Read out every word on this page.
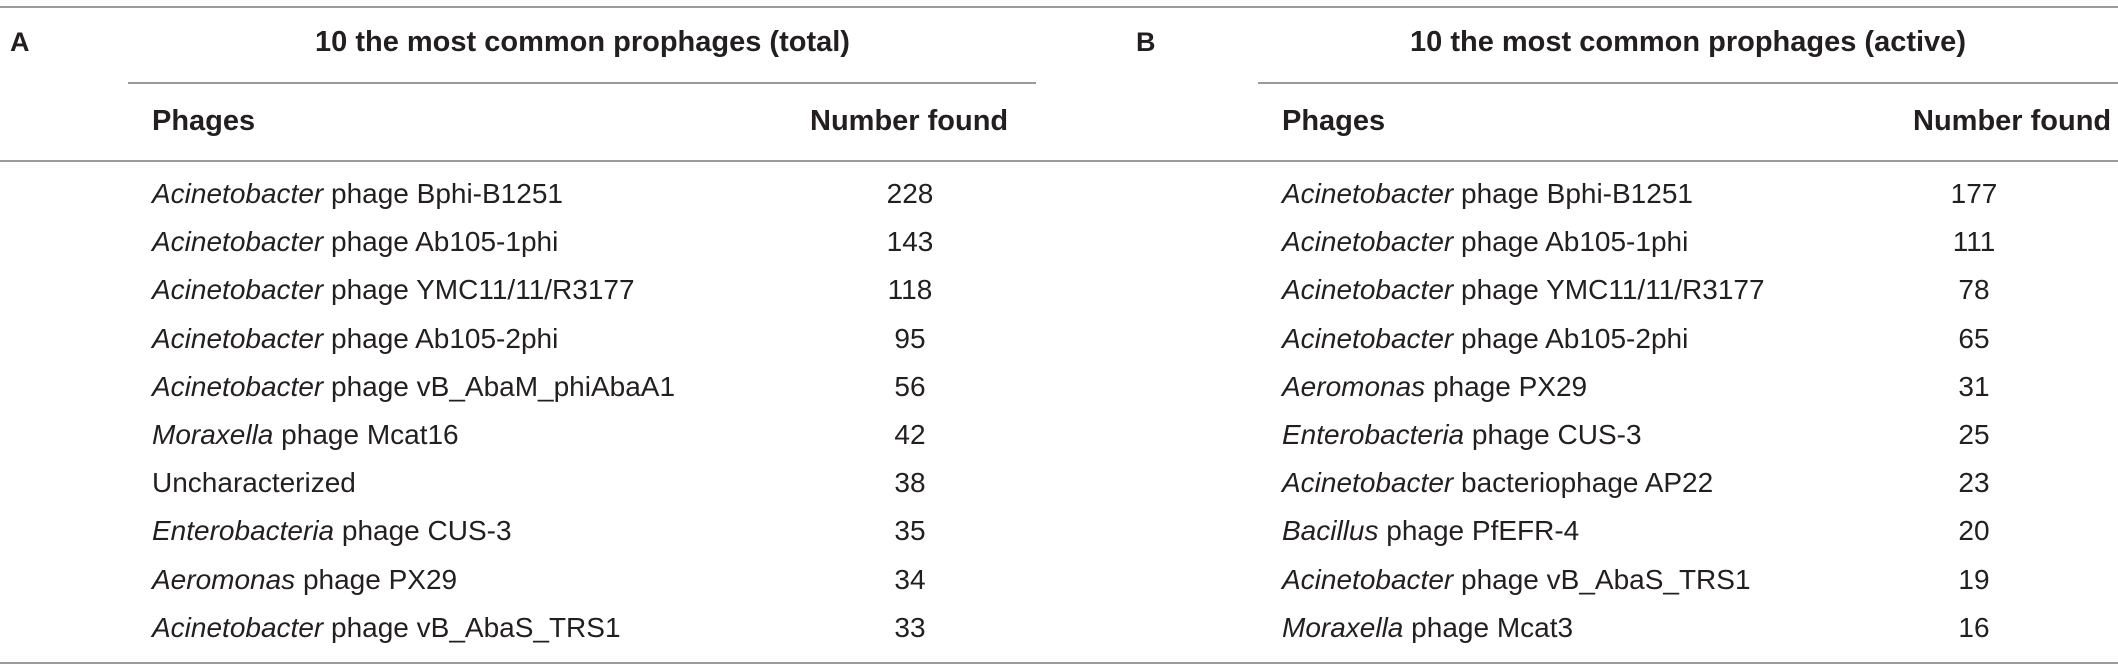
A	10 the most common prophages (total)
Phages	Number found
Acinetobacter phage Bphi-B1251	228
Acinetobacter phage Ab105-1phi	143
Acinetobacter phage YMC11/11/R3177	118
Acinetobacter phage Ab105-2phi	95
Acinetobacter phage vB_AbaM_phiAbaA1	56
Moraxella phage Mcat16	42
Uncharacterized	38
Enterobacteria phage CUS-3	35
Aeromonas phage PX29	34
Acinetobacter phage vB_AbaS_TRS1	33
B	10 the most common prophages (active)
Phages	Number found
Acinetobacter phage Bphi-B1251	177
Acinetobacter phage Ab105-1phi	111
Acinetobacter phage YMC11/11/R3177	78
Acinetobacter phage Ab105-2phi	65
Aeromonas phage PX29	31
Enterobacteria phage CUS-3	25
Acinetobacter bacteriophage AP22	23
Bacillus phage PfEFR-4	20
Acinetobacter phage vB_AbaS_TRS1	19
Moraxella phage Mcat3	16
